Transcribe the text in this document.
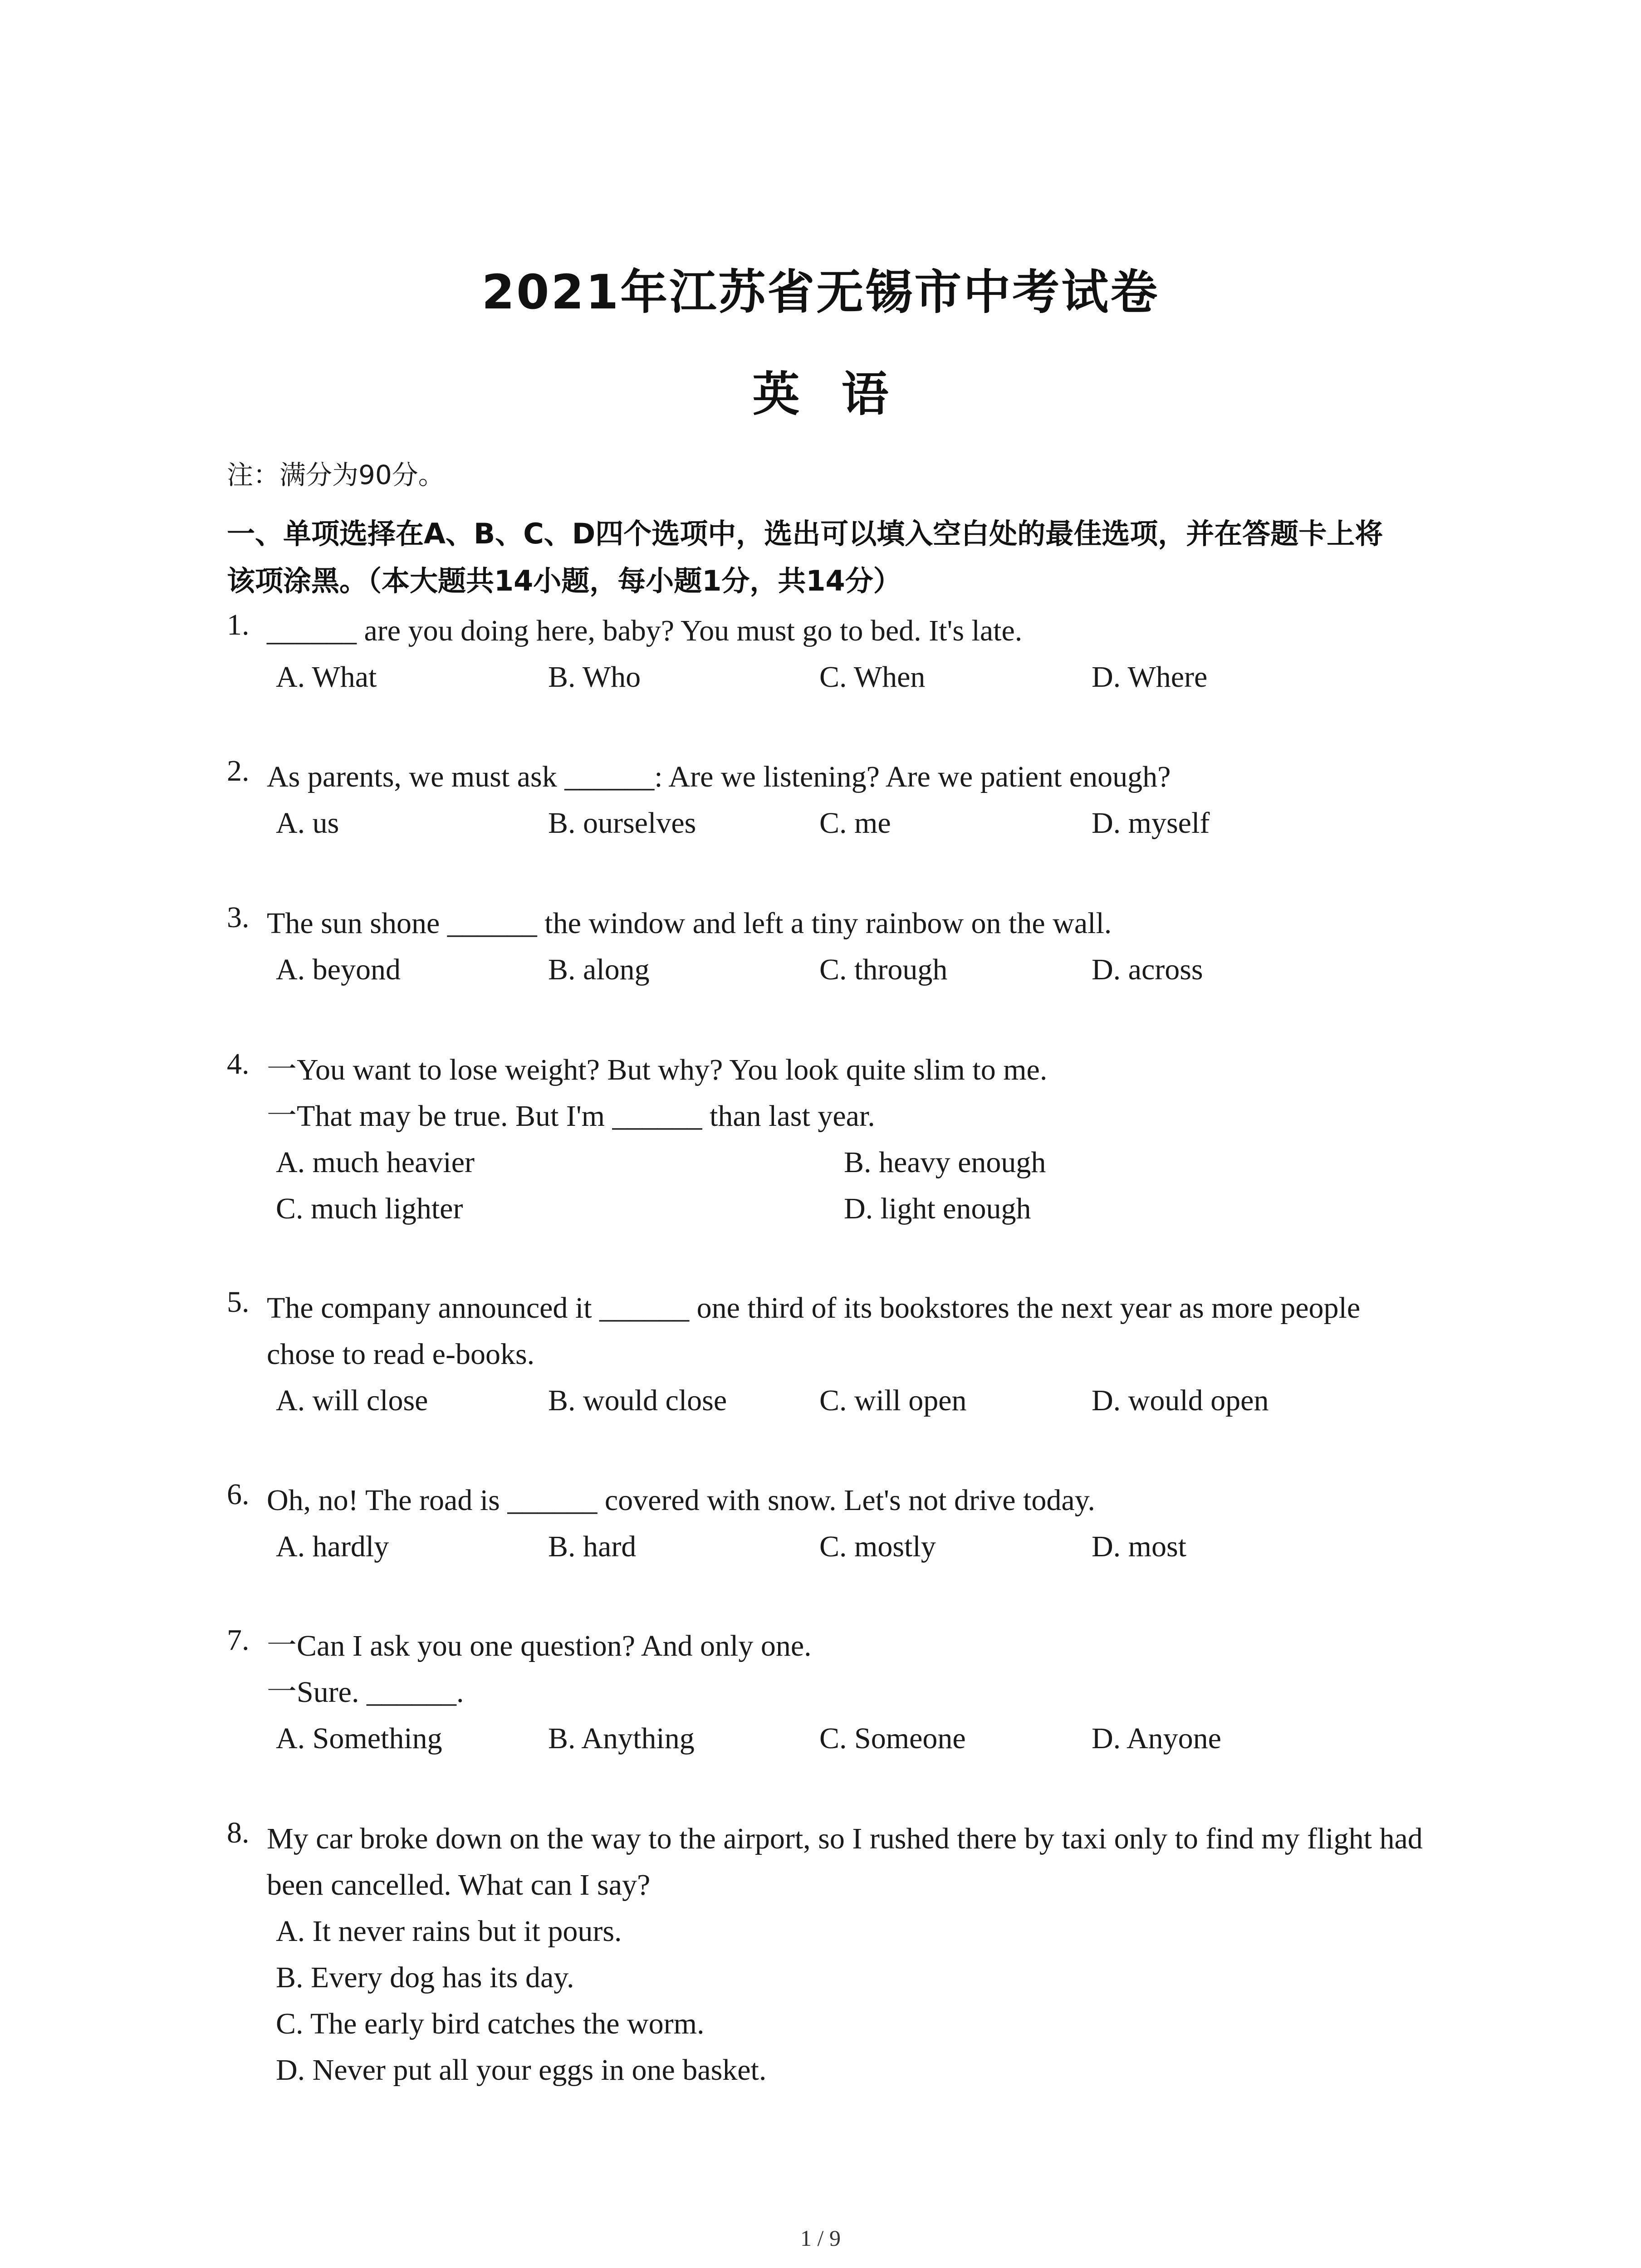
2021年江苏省无锡市中考试卷
英语
注：满分为90分。
一、单项选择在A、B、C、D四个选项中，选出可以填入空白处的最佳选项，并在答题卡上将
该项涂黑。（本大题共14小题，每小题1分，共14分）
1. ______ are you doing here, baby? You must go to bed. It's late.
A. What	B. Who	C. When	D. Where
2. As parents, we must ask ______: Are we listening? Are we patient enough?
A. us	B. ourselves	C. me	D. myself
3. The sun shone ______ the window and left a tiny rainbow on the wall.
A. beyond	B. along	C. through	D. across
4. 一You want to lose weight? But why? You look quite slim to me.
一That may be true. But I'm ______ than last year.
A. much heavier	B. heavy enough
C. much lighter	D. light enough
5. The company announced it ______ one third of its bookstores the next year as more people
chose to read e-books.
A. will close	B. would close	C. will open	D. would open
6. Oh, no! The road is ______ covered with snow. Let's not drive today.
A. hardly	B. hard	C. mostly	D. most
7. 一Can I ask you one question? And only one.
一Sure. ______.
A. Something	B. Anything	C. Someone	D. Anyone
8. My car broke down on the way to the airport, so I rushed there by taxi only to find my flight had
been cancelled. What can I say?
A. It never rains but it pours.
B. Every dog has its day.
C. The early bird catches the worm.
D. Never put all your eggs in one basket.
1 / 9
